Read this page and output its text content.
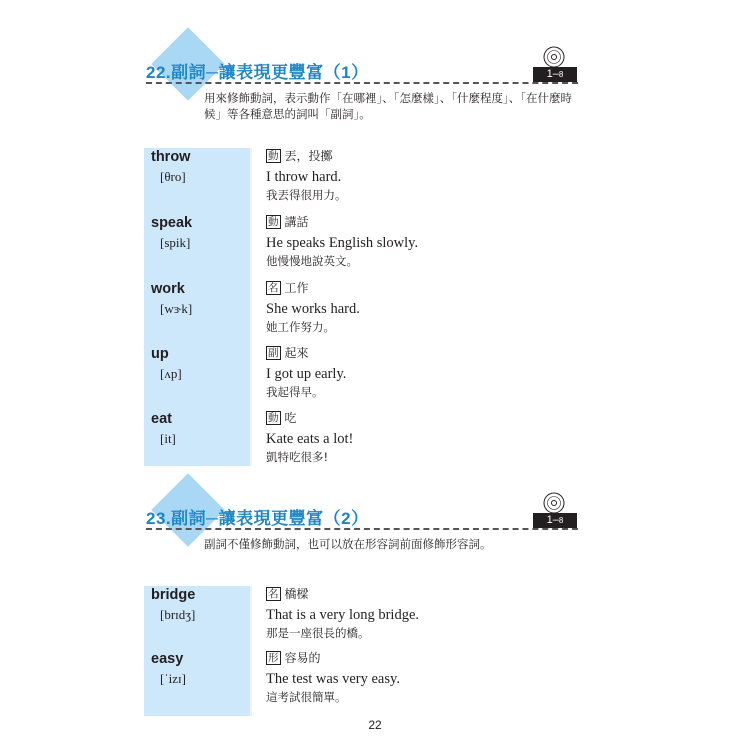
22.副詞─讓表現更豐富（1）	1–8
用來修飾動詞，表示動作「在哪裡」、「怎麼樣」、「什麼程度」、「在什麼時候」等各種意思的詞叫「副詞」。
throw
[θro]
動 丟，投擲
I throw hard.
我丟得很用力。
speak
[spik]
動 講話
He speaks English slowly.
他慢慢地說英文。
work
[wɝk]
名 工作
She works hard.
她工作努力。
up
[ʌp]
副 起來
I got up early.
我起得早。
eat
[it]
動 吃
Kate eats a lot!
凱特吃很多!
23.副詞─讓表現更豐富（2）	1–8
副詞不僅修飾動詞，也可以放在形容詞前面修飾形容詞。
bridge
[brɪdʒ]
名 橋樑
That is a very long bridge.
那是一座很長的橋。
easy
[ˈizɪ]
形 容易的
The test was very easy.
這考試很簡單。
22
